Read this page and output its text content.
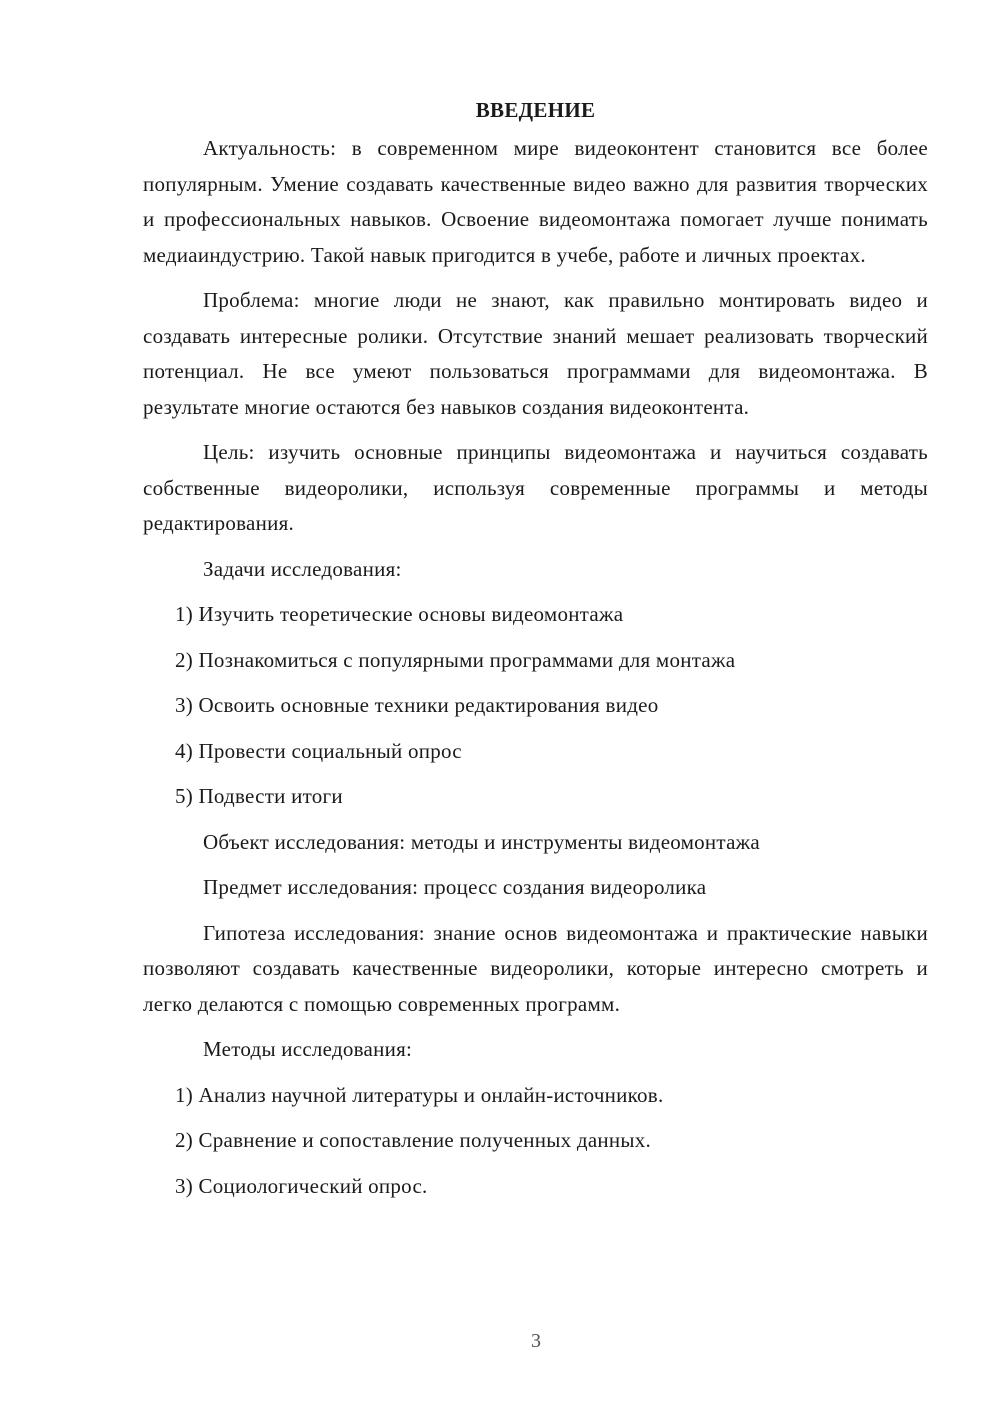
ВВЕДЕНИЕ

Актуальность: в современном мире видеоконтент становится все более популярным. Умение создавать качественные видео важно для развития творческих и профессиональных навыков. Освоение видеомонтажа помогает лучше понимать медиаиндустрию. Такой навык пригодится в учебе, работе и личных проектах.

Проблема: многие люди не знают, как правильно монтировать видео и создавать интересные ролики. Отсутствие знаний мешает реализовать творческий потенциал. Не все умеют пользоваться программами для видеомонтажа. В результате многие остаются без навыков создания видеоконтента.

Цель: изучить основные принципы видеомонтажа и научиться создавать собственные видеоролики, используя современные программы и методы редактирования.

Задачи исследования:
1) Изучить теоретические основы видеомонтажа
2) Познакомиться с популярными программами для монтажа
3) Освоить основные техники редактирования видео
4) Провести социальный опрос
5) Подвести итоги
Объект исследования: методы и инструменты видеомонтажа
Предмет исследования: процесс создания видеоролика

Гипотеза исследования: знание основ видеомонтажа и практические навыки позволяют создавать качественные видеоролики, которые интересно смотреть и легко делаются с помощью современных программ.

Методы исследования:
1) Анализ научной литературы и онлайн-источников.
2) Сравнение и сопоставление полученных данных.
3) Социологический опрос.
3
